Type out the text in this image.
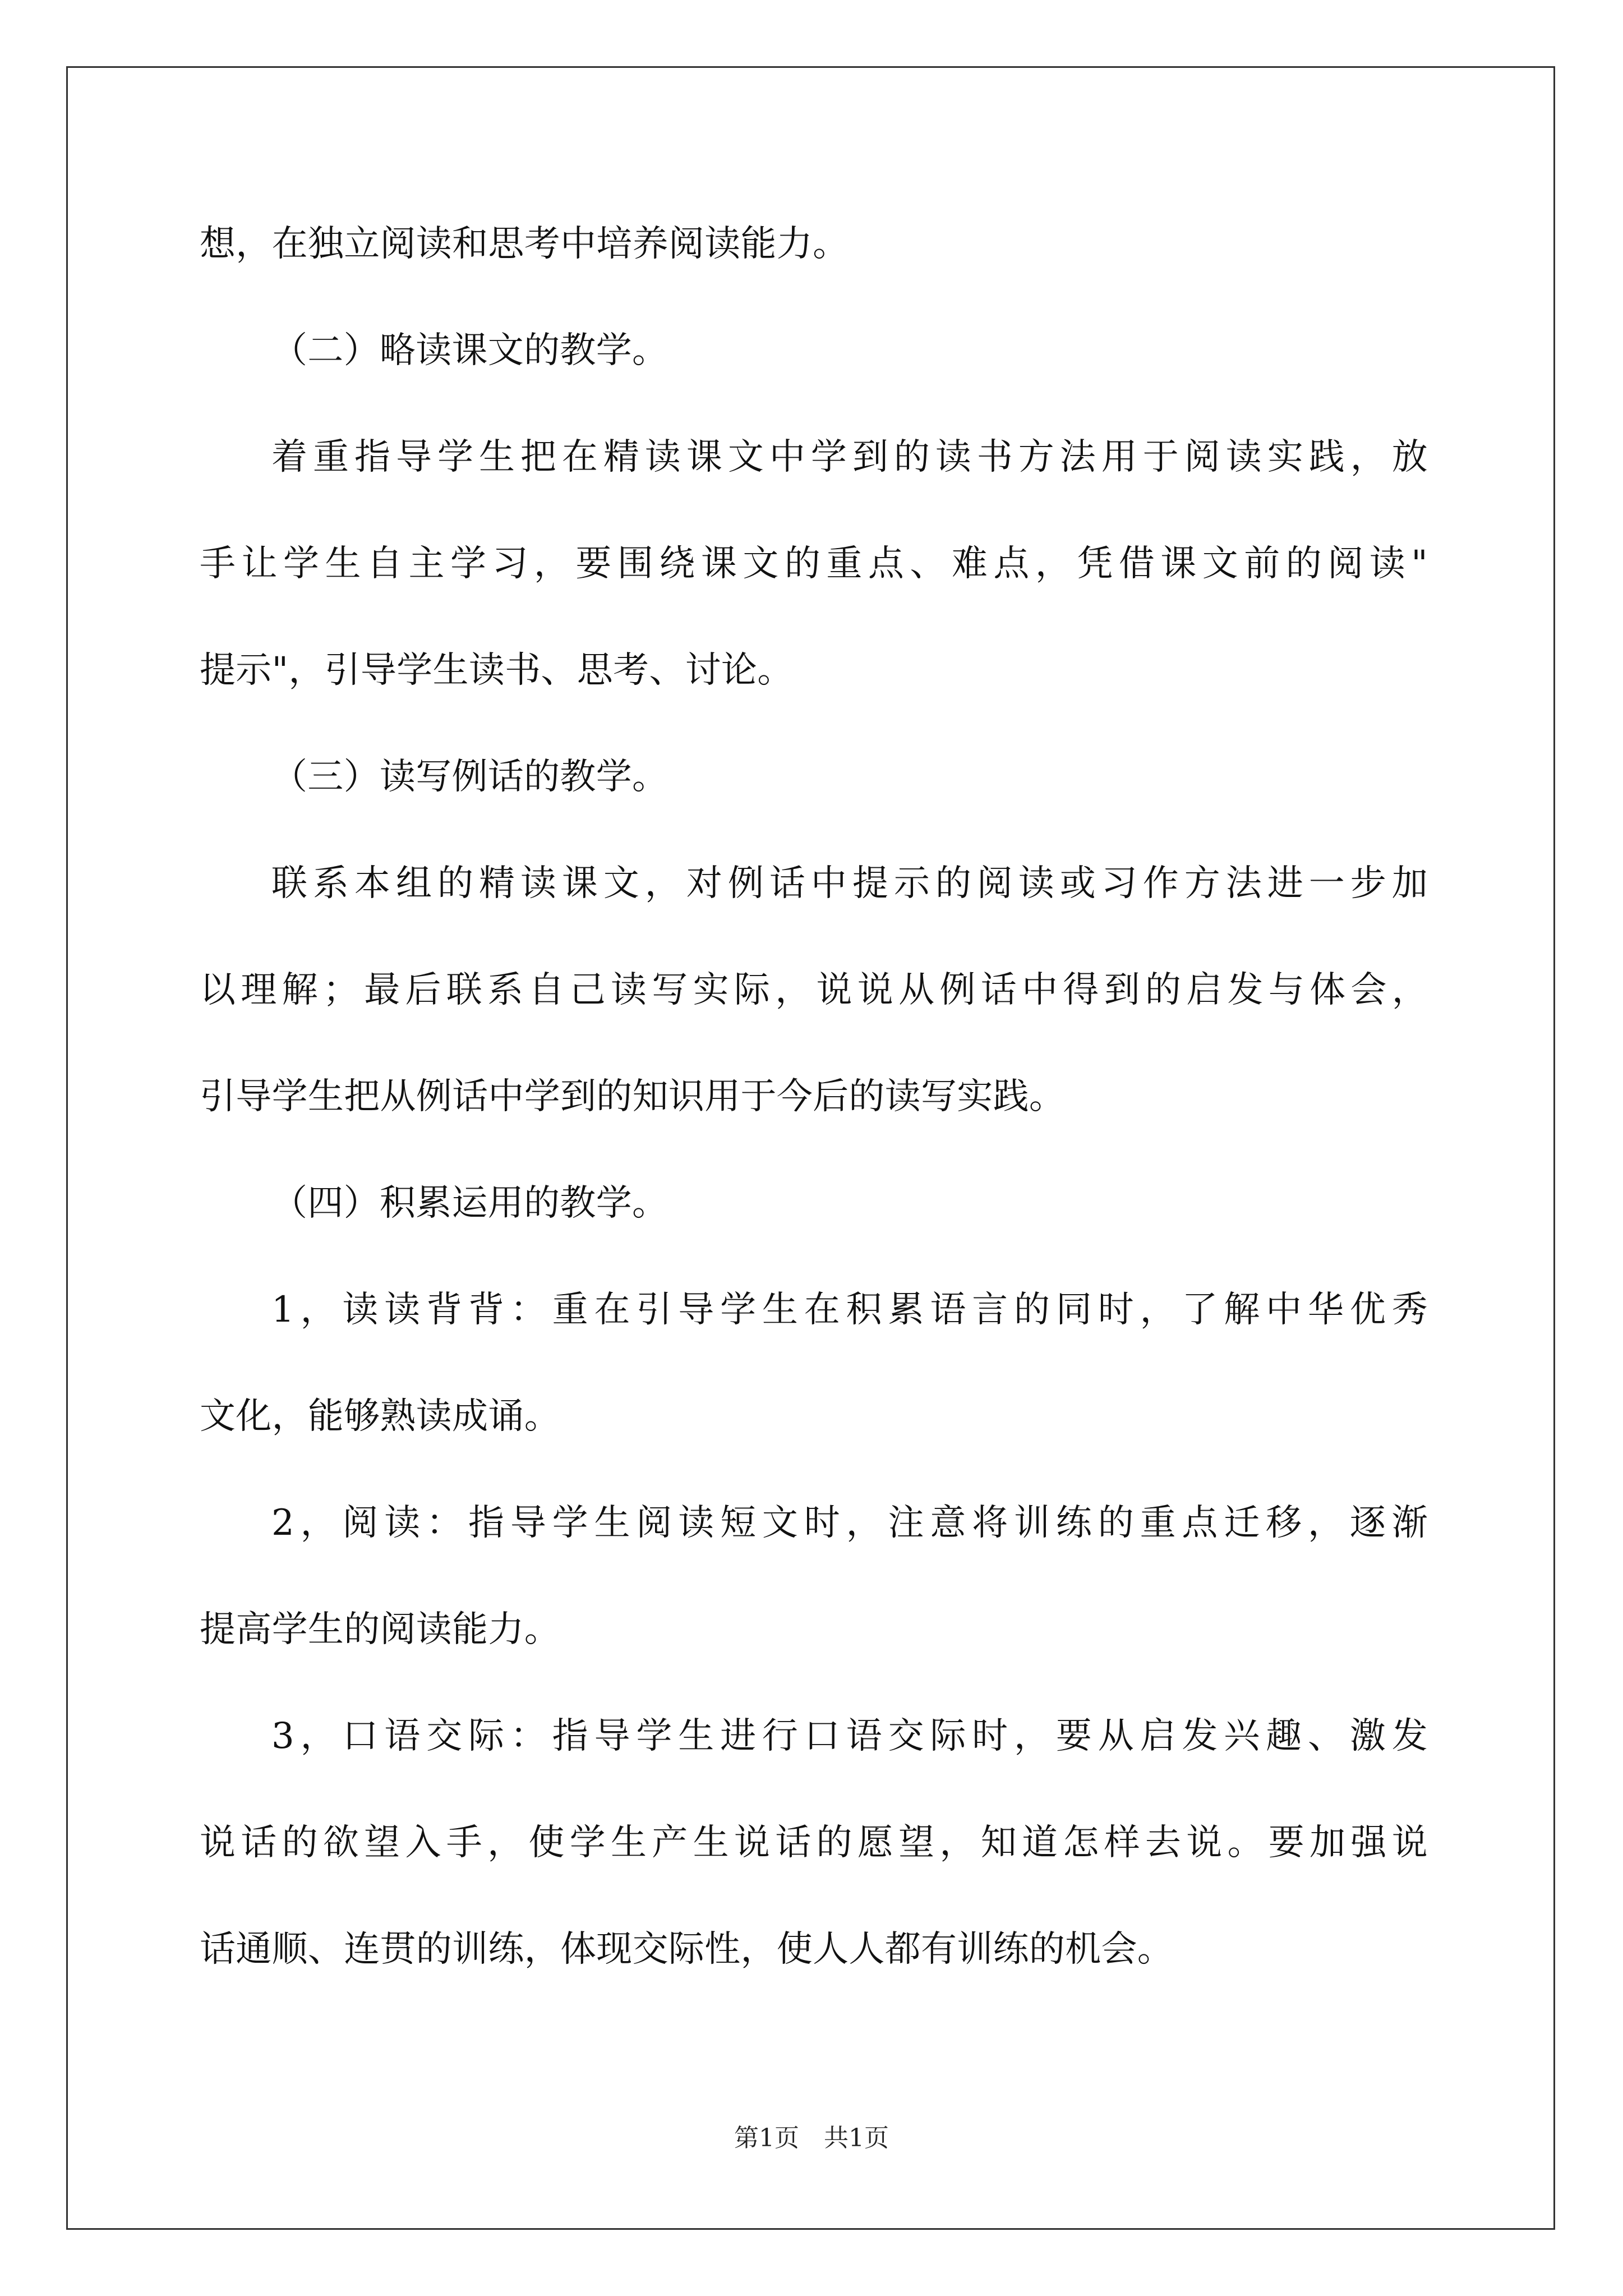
想，在独立阅读和思考中培养阅读能力。
（二）略读课文的教学。
着重指导学生把在精读课文中学到的读书方法用于阅读实践，放
手让学生自主学习，要围绕课文的重点、难点，凭借课文前的阅读"
提示"，引导学生读书、思考、讨论。
（三）读写例话的教学。
联系本组的精读课文，对例话中提示的阅读或习作方法进一步加
以理解；最后联系自己读写实际，说说从例话中得到的启发与体会，
引导学生把从例话中学到的知识用于今后的读写实践。
（四）积累运用的教学。
1，读读背背：重在引导学生在积累语言的同时，了解中华优秀
文化，能够熟读成诵。
2，阅读：指导学生阅读短文时，注意将训练的重点迁移，逐渐
提高学生的阅读能力。
3，口语交际：指导学生进行口语交际时，要从启发兴趣、激发
说话的欲望入手，使学生产生说话的愿望，知道怎样去说。要加强说
话通顺、连贯的训练，体现交际性，使人人都有训练的机会。
第1页　共1页
